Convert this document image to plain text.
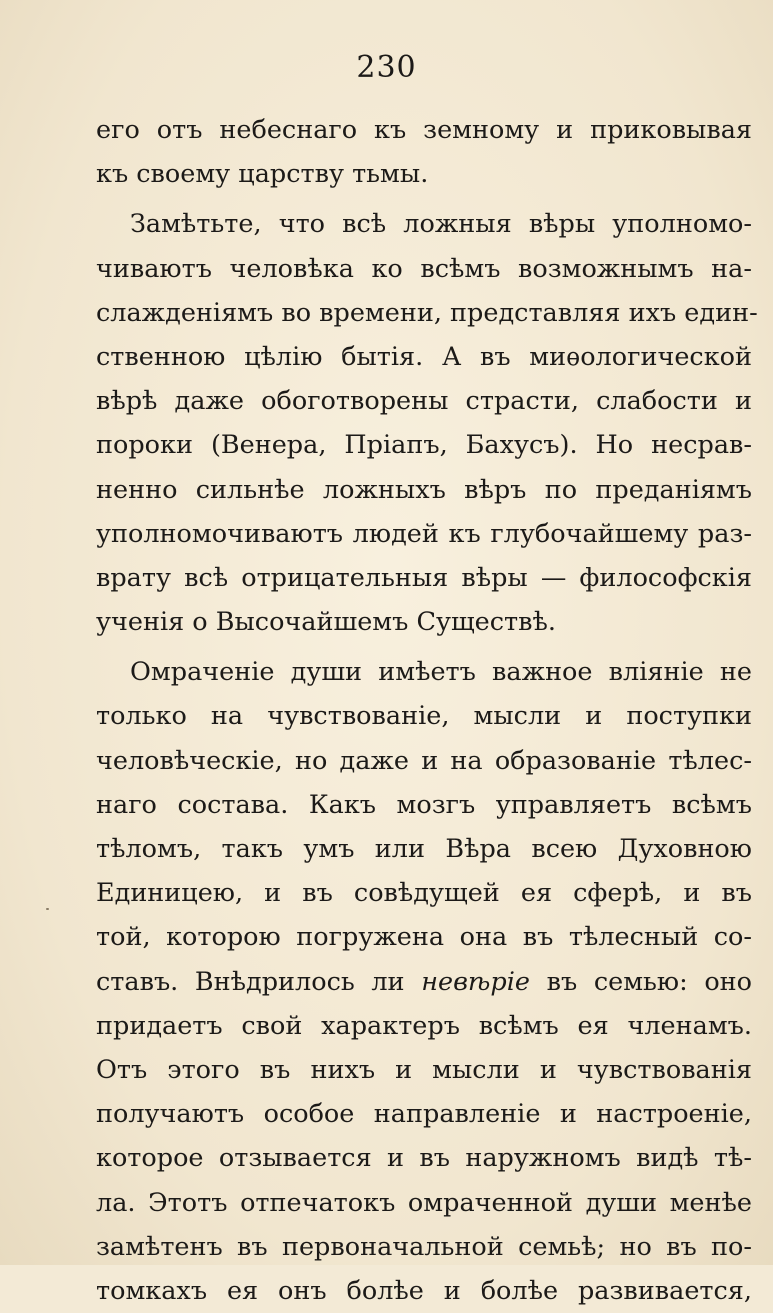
230
его отъ небеснаго къ земному и приковывая
къ своему царству тьмы.
Замѣтьте, что всѣ ложныя вѣры уполномо-
чиваютъ человѣка ко всѣмъ возможнымъ на-
слажденіямъ во времени, представляя ихъ един-
ственною цѣлію бытія. А въ миѳологической
вѣрѣ даже обоготворены страсти, слабости и
пороки (Венера, Пріапъ, Бахусъ). Но несрав-
ненно сильнѣе ложныхъ вѣръ по преданіямъ
уполномочиваютъ людей къ глубочайшему раз-
врату всѣ отрицательныя вѣры — философскія
ученія о Высочайшемъ Существѣ.
Омраченіе души имѣетъ важное вліяніе не
только на чувствованіе, мысли и поступки
человѣческіе, но даже и на образованіе тѣлес-
наго состава. Какъ мозгъ управляетъ всѣмъ
тѣломъ, такъ умъ или Вѣра всею Духовною
Единицею, и въ совѣдущей ея сферѣ, и въ
той, которою погружена она въ тѣлесный со-
ставъ. Внѣдрилось ли невѣріе въ семью: оно
придаетъ свой характеръ всѣмъ ея членамъ.
Отъ этого въ нихъ и мысли и чувствованія
получаютъ особое направленіе и настроеніе,
которое отзывается и въ наружномъ видѣ тѣ-
ла. Этотъ отпечатокъ омраченной души менѣе
замѣтенъ въ первоначальной семьѣ; но въ по-
томкахъ ея онъ болѣе и болѣе развивается,
